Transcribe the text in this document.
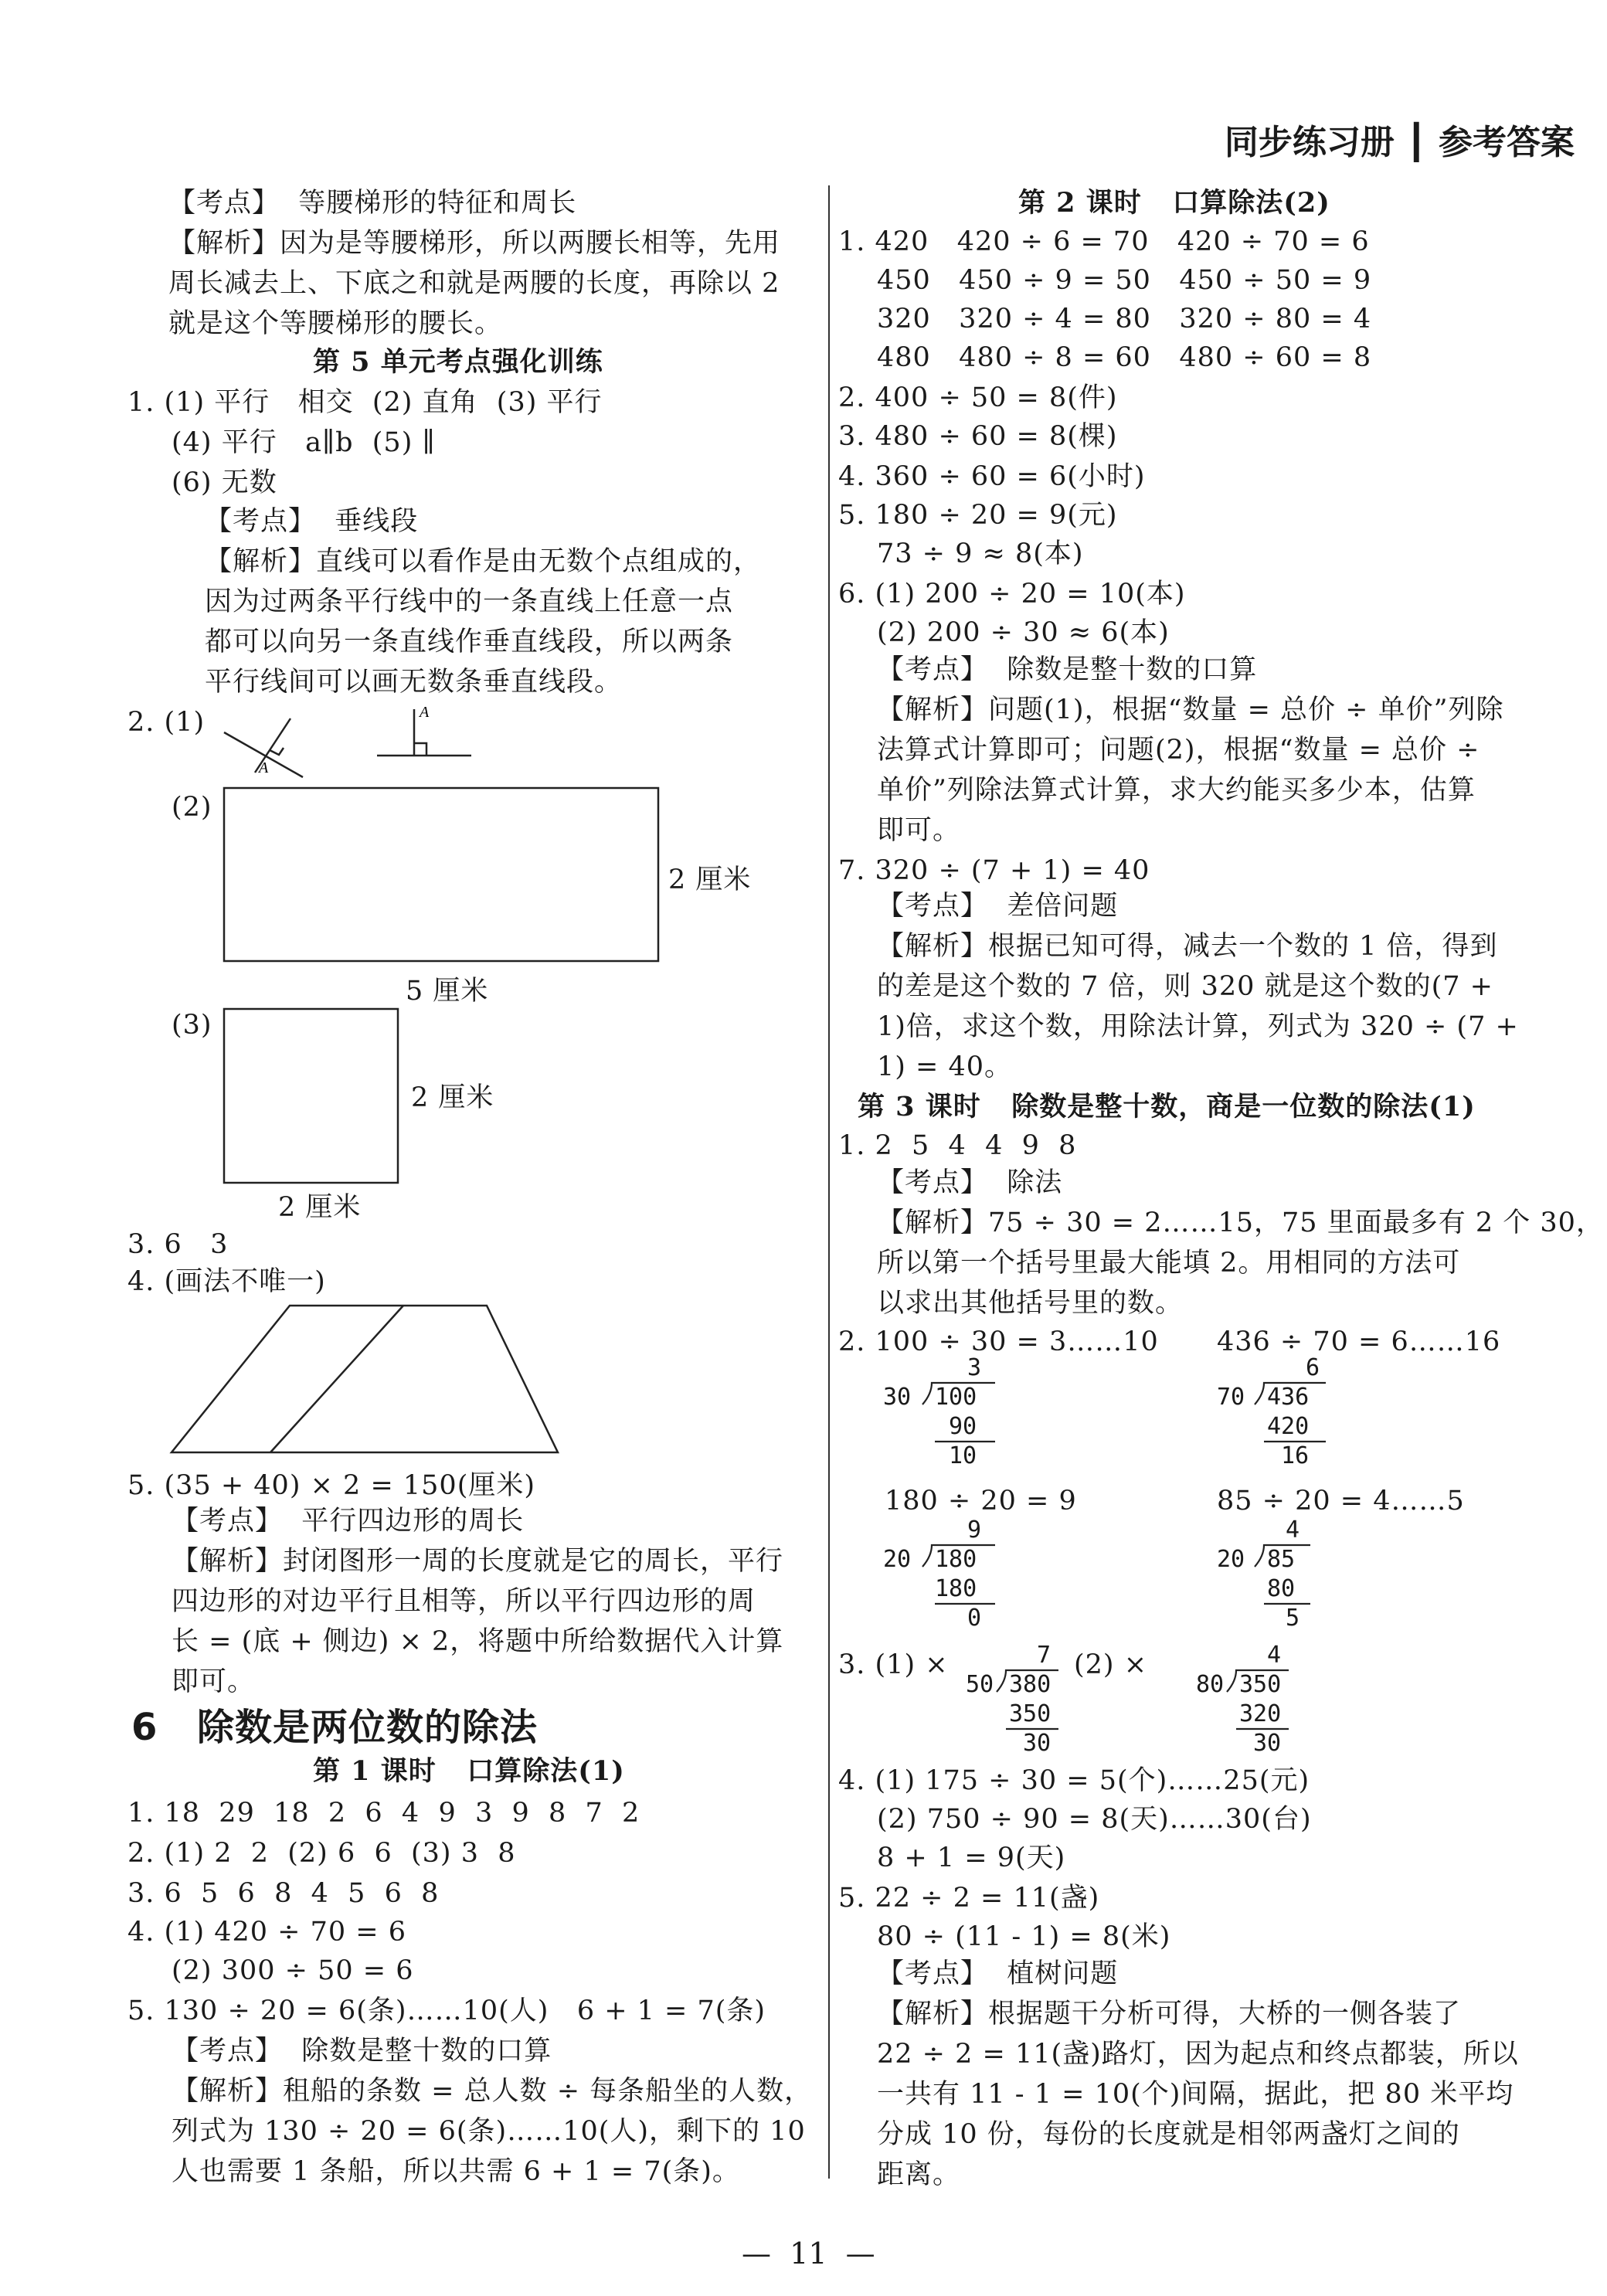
同步练习册 ┃ 参考答案
【考点】  等腰梯形的特征和周长
【解析】因为是等腰梯形，所以两腰长相等，先用
周长减去上、下底之和就是两腰的长度，再除以 2
就是这个等腰梯形的腰长。
第 5 单元考点强化训练
1. (1) 平行   相交  (2) 直角  (3) 平行
(4) 平行   a∥b  (5) ∥
(6) 无数
【考点】  垂线段
【解析】直线可以看作是由无数个点组成的，
因为过两条平行线中的一条直线上任意一点
都可以向另一条直线作垂直线段，所以两条
平行线间可以画无数条垂直线段。
2. (1)
(2)
2 厘米
5 厘米
(3)
2 厘米
2 厘米
3. 6   3
4. (画法不唯一)
5. (35 + 40) × 2 = 150(厘米)
【考点】  平行四边形的周长
【解析】封闭图形一周的长度就是它的周长，平行
四边形的对边平行且相等，所以平行四边形的周
长 = (底 + 侧边) × 2，将题中所给数据代入计算
即可。
6 除数是两位数的除法
第 1 课时   口算除法(1)
1. 18  29  18  2  6  4  9  3  9  8  7  2
2. (1) 2  2  (2) 6  6  (3) 3  8
3. 6  5  6  8  4  5  6  8
4. (1) 420 ÷ 70 = 6
(2) 300 ÷ 50 = 6
5. 130 ÷ 20 = 6(条)……10(人)   6 + 1 = 7(条)
【考点】  除数是整十数的口算
【解析】租船的条数 = 总人数 ÷ 每条船坐的人数，
列式为 130 ÷ 20 = 6(条)……10(人)，剩下的 10
人也需要 1 条船，所以共需 6 + 1 = 7(条)。
第 2 课时   口算除法(2)
1. 420   420 ÷ 6 = 70   420 ÷ 70 = 6
450   450 ÷ 9 = 50   450 ÷ 50 = 9
320   320 ÷ 4 = 80   320 ÷ 80 = 4
480   480 ÷ 8 = 60   480 ÷ 60 = 8
2. 400 ÷ 50 = 8(件)
3. 480 ÷ 60 = 8(棵)
4. 360 ÷ 60 = 6(小时)
5. 180 ÷ 20 = 9(元)
73 ÷ 9 ≈ 8(本)
6. (1) 200 ÷ 20 = 10(本)
(2) 200 ÷ 30 ≈ 6(本)
【考点】  除数是整十数的口算
【解析】问题(1)，根据“数量 = 总价 ÷ 单价”列除
法算式计算即可；问题(2)，根据“数量 = 总价 ÷
单价”列除法算式计算，求大约能买多少本，估算
即可。
7. 320 ÷ (7 + 1) = 40
【考点】  差倍问题
【解析】根据已知可得，减去一个数的 1 倍，得到
的差是这个数的 7 倍，则 320 就是这个数的(7 +
1)倍，求这个数，用除法计算，列式为 320 ÷ (7 +
1) = 40。
第 3 课时   除数是整十数，商是一位数的除法(1)
1. 2  5  4  4  9  8
【考点】  除法
【解析】75 ÷ 30 = 2……15，75 里面最多有 2 个 30，
所以第一个括号里最大能填 2。用相同的方法可
以求出其他括号里的数。
2. 100 ÷ 30 = 3……10 436 ÷ 70 = 6……16
180 ÷ 20 = 9	85 ÷ 20 = 4……5
3. (1) ×	(2) ×
4. (1) 175 ÷ 30 = 5(个)……25(元)
(2) 750 ÷ 90 = 8(天)……30(台)
8 + 1 = 9(天)
5. 22 ÷ 2 = 11(盏)
80 ÷ (11 - 1) = 8(米)
【考点】  植树问题
【解析】根据题干分析可得，大桥的一侧各装了
22 ÷ 2 = 11(盏)路灯，因为起点和终点都装，所以
一共有 11 - 1 = 10(个)间隔，据此，把 80 米平均
分成 10 份，每份的长度就是相邻两盏灯之间的
距离。
3
30 100
90
10
6
70 436
420
16
9
20 180
180
0
4
20 85
80
5
7
50 380
350
30
4
80 350
320
30
A
A
—  11  —
